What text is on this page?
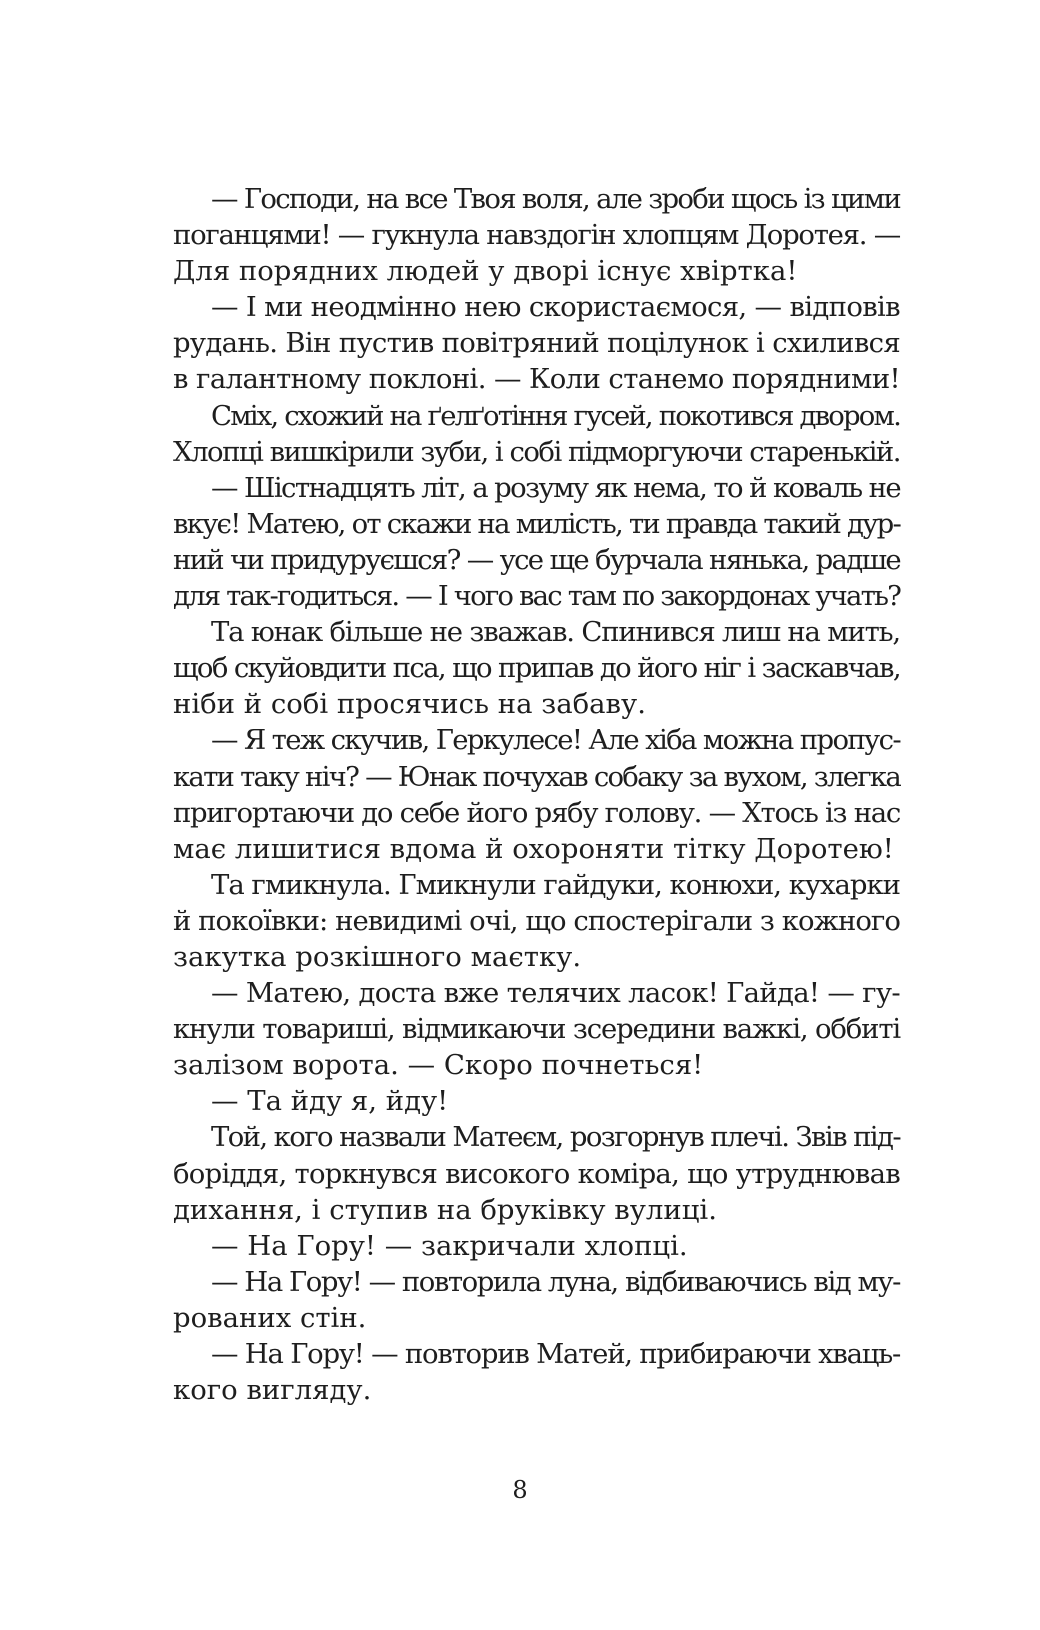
— Господи, на все Твоя воля, але зроби щось із цими
поганцями! — гукнула навздогін хлопцям Доротея. —
Для порядних людей у дворі існує хвіртка!
— І ми неодмінно нею скористаємося, — відповів
рудань. Він пустив повітряний поцілунок і схилився
в галантному поклоні. — Коли станемо порядними!
Сміх, схожий на ґелґотіння гусей, покотився двором.
Хлопці вишкірили зуби, і собі підморгуючи старенькій.
— Шістнадцять літ, а розуму як нема, то й коваль не
вкує! Матею, от скажи на милість, ти правда такий дур-
ний чи придуруєшся? — усе ще бурчала нянька, радше
для так-годиться. — І чого вас там по закордонах учать?
Та юнак більше не зважав. Спинився лиш на мить,
щоб скуйовдити пса, що припав до його ніг і заскавчав,
ніби й собі просячись на забаву.
— Я теж скучив, Геркулесе! Але хіба можна пропус-
кати таку ніч? — Юнак почухав собаку за вухом, злегка
пригортаючи до себе його рябу голову. — Хтось із нас
має лишитися вдома й охороняти тітку Доротею!
Та гмикнула. Гмикнули гайдуки, конюхи, кухарки
й покоївки: невидимі очі, що спостерігали з кожного
закутка розкішного маєтку.
— Матею, доста вже телячих ласок! Гайда! — гу-
кнули товариші, відмикаючи зсередини важкі, оббиті
залізом ворота. — Скоро почнеться!
— Та йду я, йду!
Той, кого назвали Матеєм, розгорнув плечі. Звів під-
боріддя, торкнувся високого коміра, що утруднював
дихання, і ступив на бруківку вулиці.
— На Гору! — закричали хлопці.
— На Гору! — повторила луна, відбиваючись від му-
рованих стін.
— На Гору! — повторив Матей, прибираючи хваць-
кого вигляду.
8
